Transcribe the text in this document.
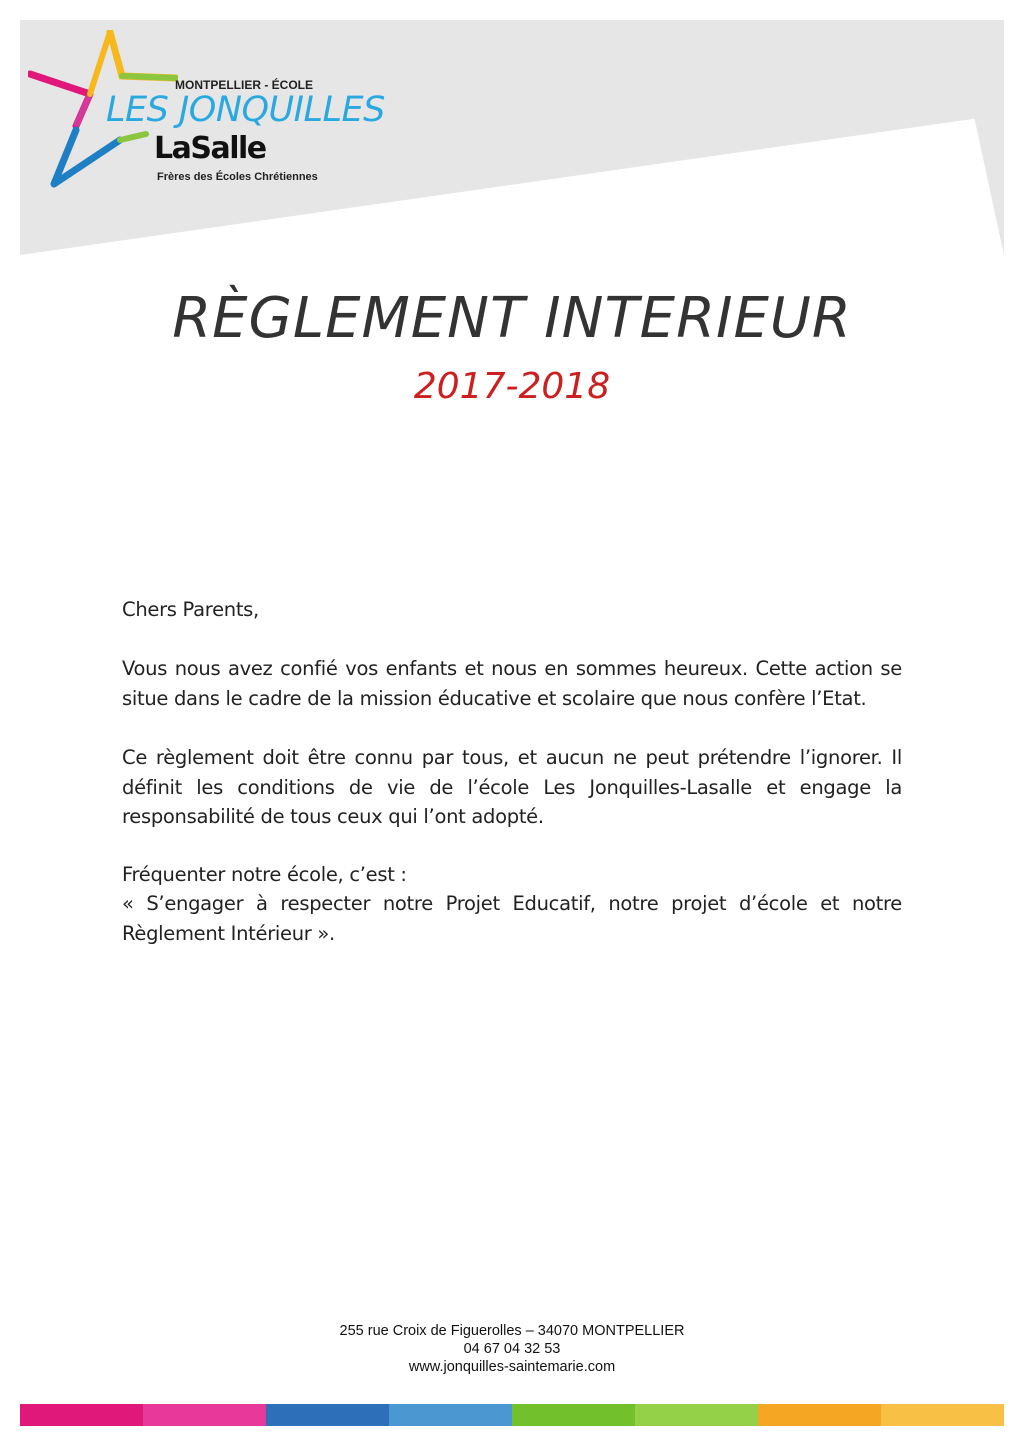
MONTPELLIER - ÉCOLE
LES JONQUILLES
LaSalle
Frères des Écoles Chrétiennes
RÈGLEMENT INTERIEUR
2017-2018

Chers Parents,

Vous nous avez confié vos enfants et nous en sommes heureux. Cette action se situe dans le cadre de la mission éducative et scolaire que nous confère l’Etat.

Ce règlement doit être connu par tous, et aucun ne peut prétendre l’ignorer. Il définit les conditions de vie de l’école Les Jonquilles-Lasalle et engage la responsabilité de tous ceux qui l’ont adopté.

Fréquenter notre école, c’est :

« S’engager à respecter notre Projet Educatif, notre projet d’école et notre Règlement Intérieur ».

255 rue Croix de Figuerolles – 34070 MONTPELLIER
04 67 04 32 53
www.jonquilles-saintemarie.com
